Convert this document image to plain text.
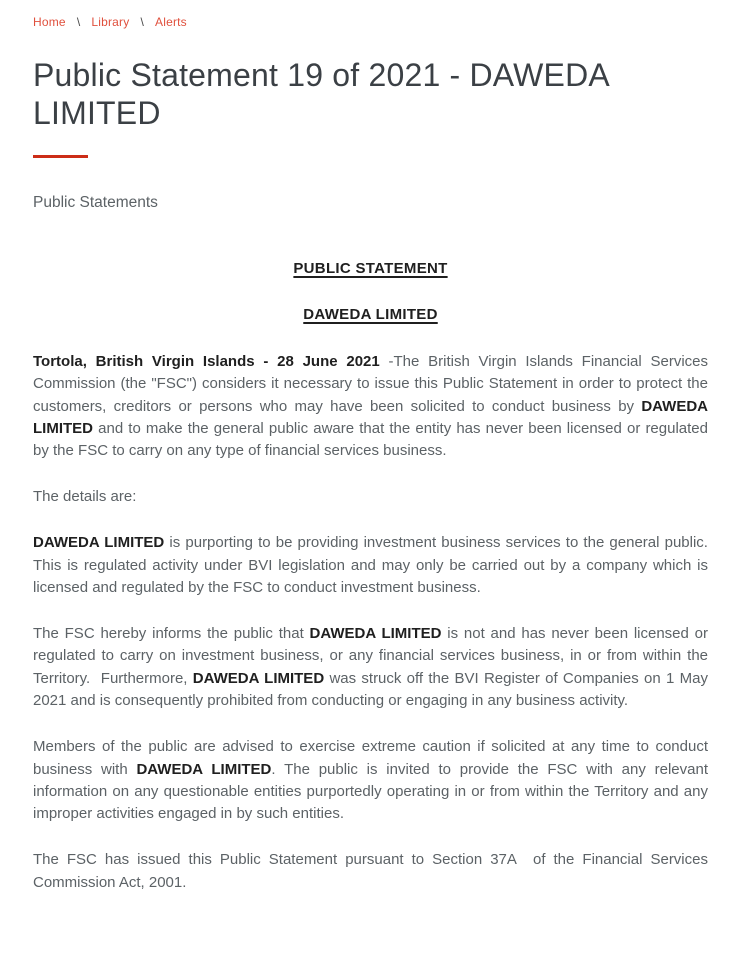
Home \ Library \ Alerts
Public Statement 19 of 2021 - DAWEDA LIMITED
Public Statements

PUBLIC STATEMENT

DAWEDA LIMITED

Tortola, British Virgin Islands - 28 June 2021 -The British Virgin Islands Financial Services Commission (the "FSC") considers it necessary to issue this Public Statement in order to protect the customers, creditors or persons who may have been solicited to conduct business by DAWEDA LIMITED and to make the general public aware that the entity has never been licensed or regulated by the FSC to carry on any type of financial services business.

The details are:

DAWEDA LIMITED is purporting to be providing investment business services to the general public. This is regulated activity under BVI legislation and may only be carried out by a company which is licensed and regulated by the FSC to conduct investment business.

The FSC hereby informs the public that DAWEDA LIMITED is not and has never been licensed or regulated to carry on investment business, or any financial services business, in or from within the Territory.  Furthermore, DAWEDA LIMITED was struck off the BVI Register of Companies on 1 May 2021 and is consequently prohibited from conducting or engaging in any business activity.

Members of the public are advised to exercise extreme caution if solicited at any time to conduct business with DAWEDA LIMITED. The public is invited to provide the FSC with any relevant information on any questionable entities purportedly operating in or from within the Territory and any improper activities engaged in by such entities.

The FSC has issued this Public Statement pursuant to Section 37A  of the Financial Services Commission Act, 2001.
